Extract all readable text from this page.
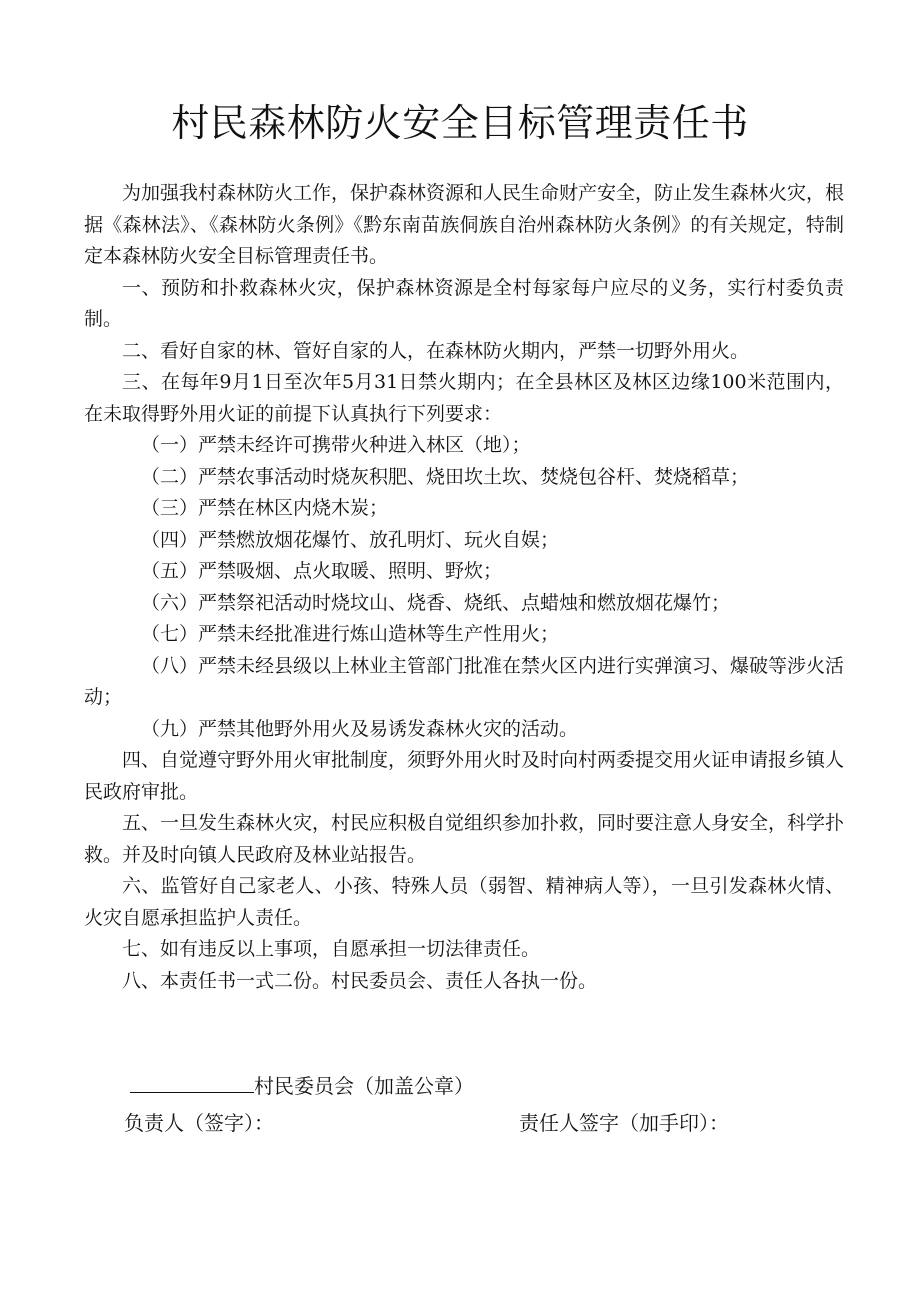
村民森林防火安全目标管理责任书

为加强我村森林防火工作，保护森林资源和人民生命财产安全，防止发生森林火灾，根据《森林法》、《森林防火条例》《黔东南苗族侗族自治州森林防火条例》的有关规定，特制定本森林防火安全目标管理责任书。

一、预防和扑救森林火灾，保护森林资源是全村每家每户应尽的义务，实行村委负责制。

二、看好自家的林、管好自家的人，在森林防火期内，严禁一切野外用火。

三、在每年9月1日至次年5月31日禁火期内；在全县林区及林区边缘100米范围内，在未取得野外用火证的前提下认真执行下列要求：

（一）严禁未经许可携带火种进入林区（地）；

（二）严禁农事活动时烧灰积肥、烧田坎土坎、焚烧包谷杆、焚烧稻草；

（三）严禁在林区内烧木炭；

（四）严禁燃放烟花爆竹、放孔明灯、玩火自娱；

（五）严禁吸烟、点火取暖、照明、野炊；

（六）严禁祭祀活动时烧坟山、烧香、烧纸、点蜡烛和燃放烟花爆竹；

（七）严禁未经批准进行炼山造林等生产性用火；

（八）严禁未经县级以上林业主管部门批准在禁火区内进行实弹演习、爆破等涉火活动；

（九）严禁其他野外用火及易诱发森林火灾的活动。

四、自觉遵守野外用火审批制度，须野外用火时及时向村两委提交用火证申请报乡镇人民政府审批。

五、一旦发生森林火灾，村民应积极自觉组织参加扑救，同时要注意人身安全，科学扑救。并及时向镇人民政府及林业站报告。

六、监管好自己家老人、小孩、特殊人员（弱智、精神病人等），一旦引发森林火情、火灾自愿承担监护人责任。

七、如有违反以上事项，自愿承担一切法律责任。

八、本责任书一式二份。村民委员会、责任人各执一份。

村民委员会（加盖公章）
负责人（签字）：	责任人签字（加手印）：
